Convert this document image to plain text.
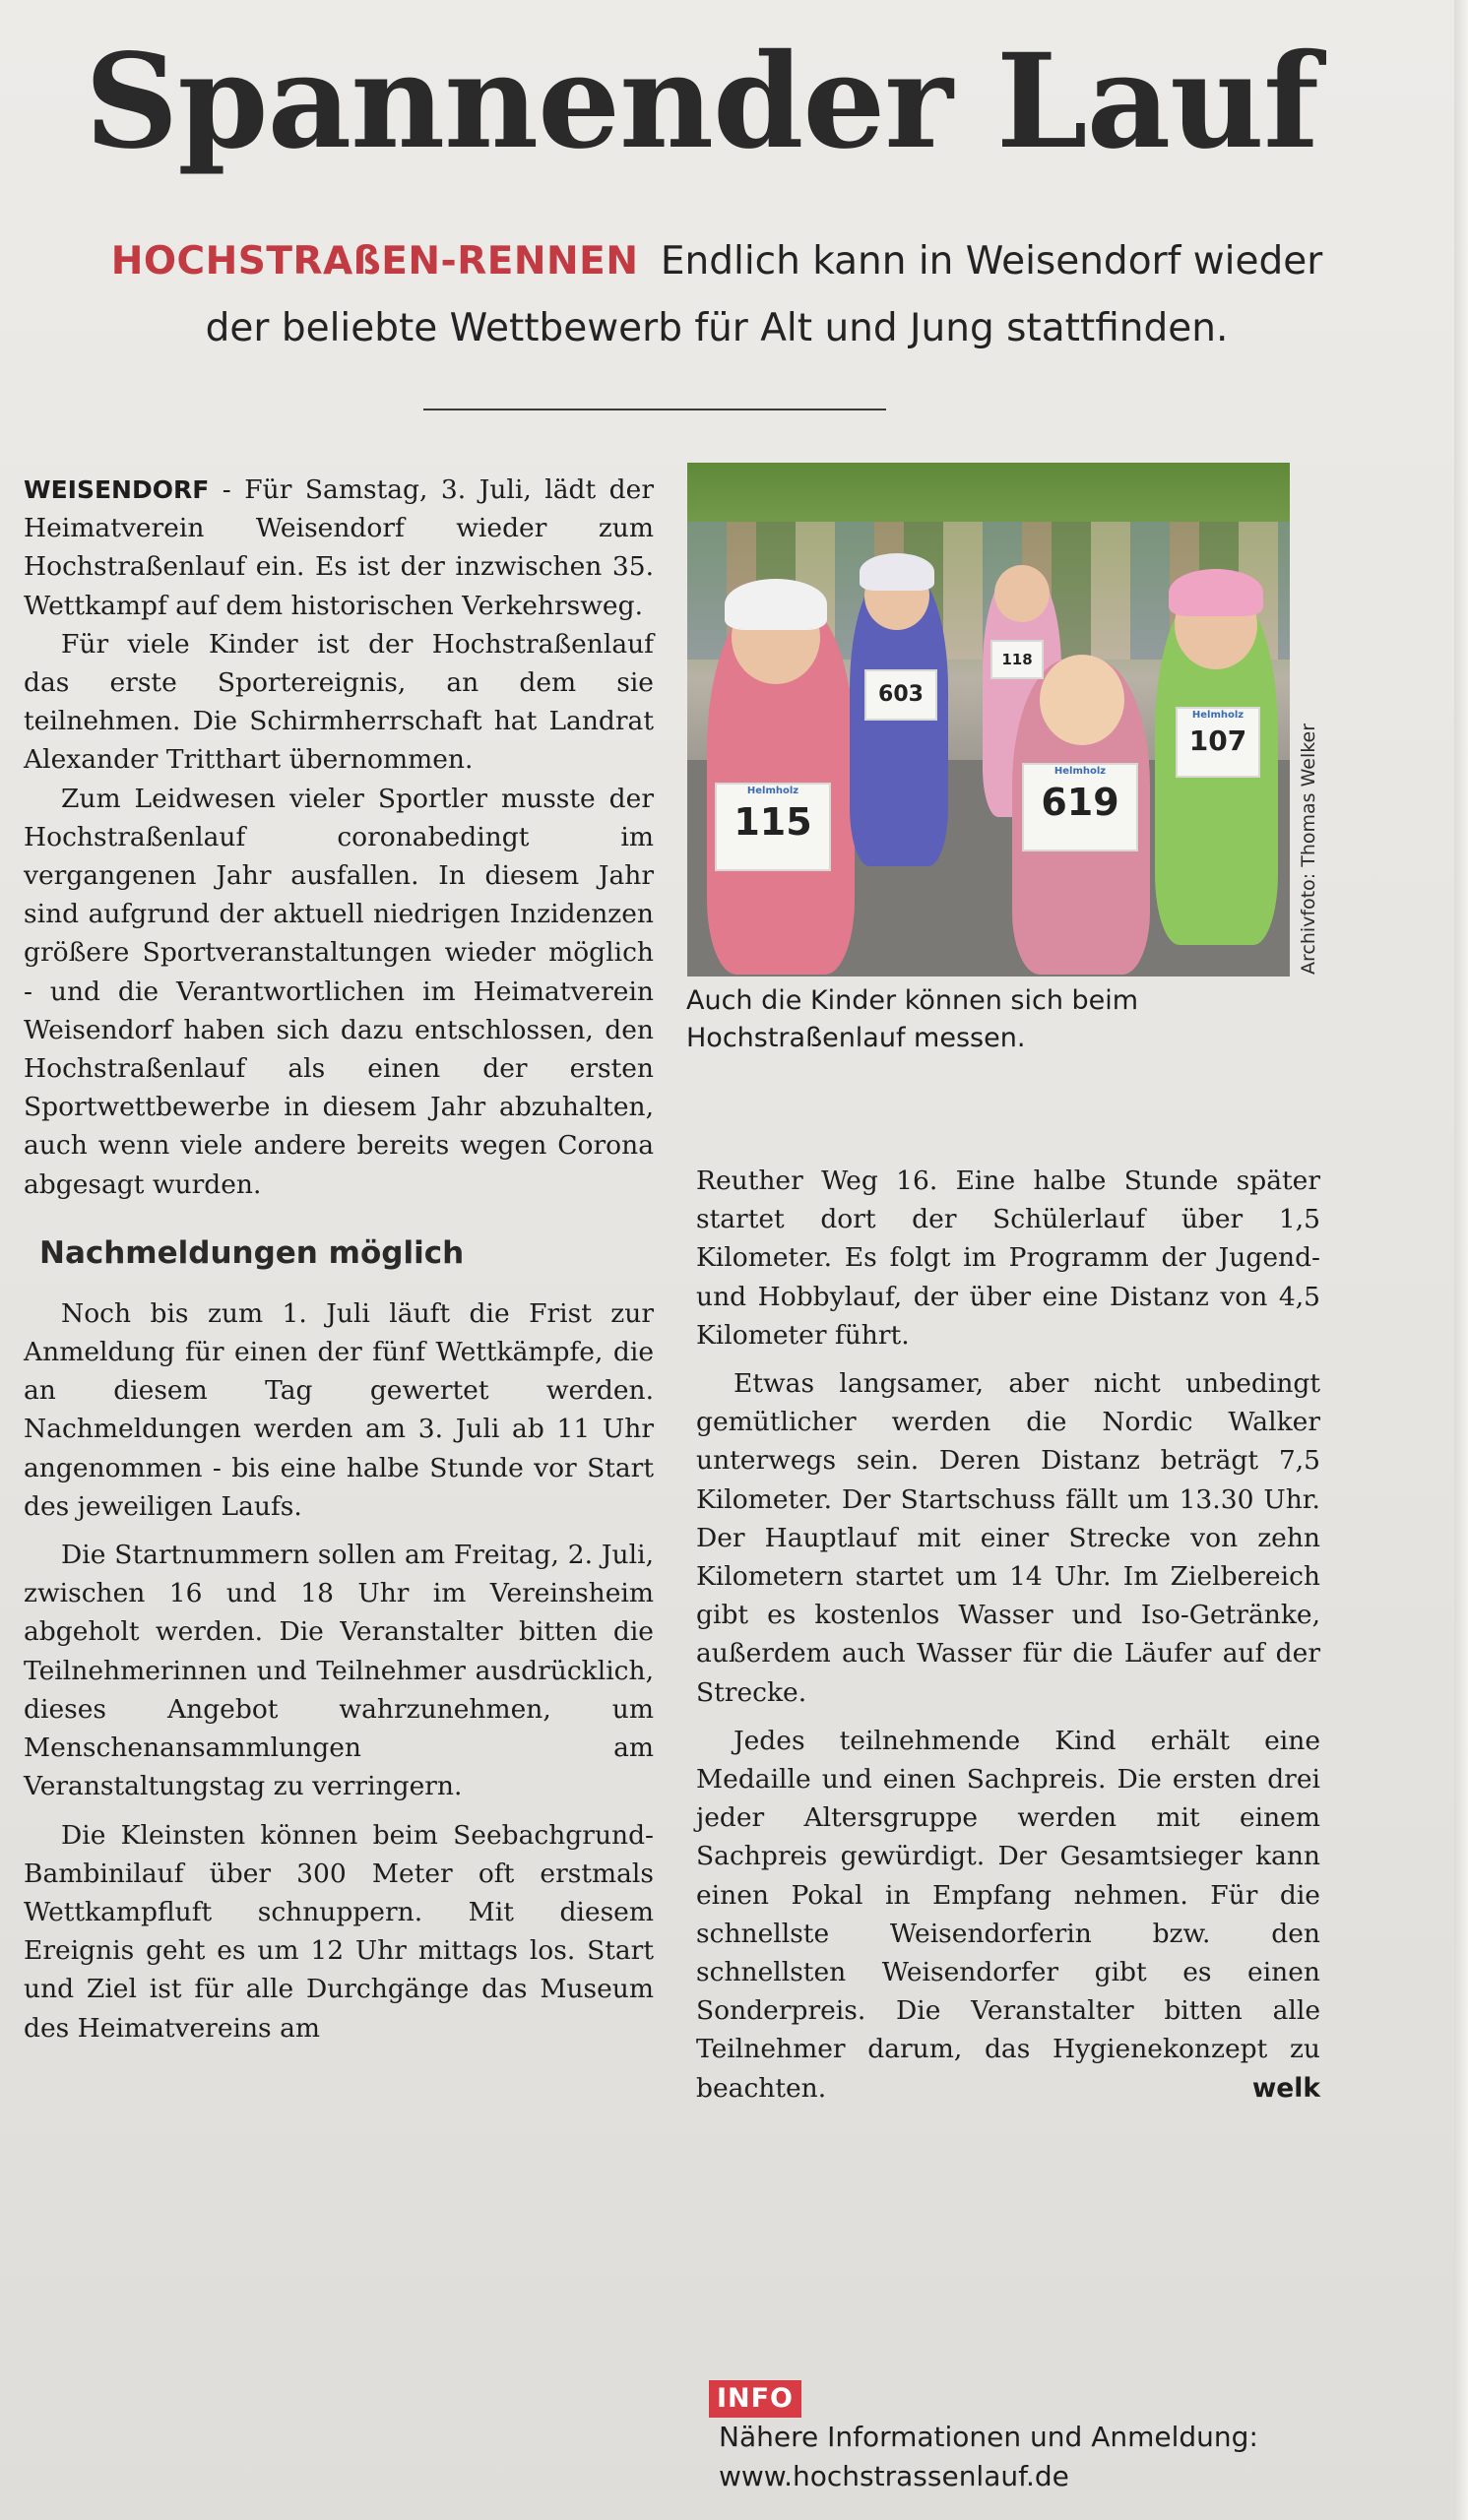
Spannender Lauf
HOCHSTRAßEN-RENNEN Endlich kann in Weisendorf wieder
der beliebte Wettbewerb für Alt und Jung stattfinden.

WEISENDORF - Für Samstag, 3. Juli, lädt der Heimatverein Weisendorf wieder zum Hochstraßenlauf ein. Es ist der inzwischen 35. Wettkampf auf dem historischen Verkehrsweg.

Für viele Kinder ist der Hochstraßenlauf das erste Sportereignis, an dem sie teilnehmen. Die Schirmherrschaft hat Landrat Alexander Tritthart übernommen.

Zum Leidwesen vieler Sportler musste der Hochstraßenlauf coronabedingt im vergangenen Jahr ausfallen. In diesem Jahr sind aufgrund der aktuell niedrigen Inzidenzen größere Sportveranstaltungen wieder möglich - und die Verantwortlichen im Heimatverein Weisendorf haben sich dazu entschlossen, den Hochstraßenlauf als einen der ersten Sportwettbewerbe in diesem Jahr abzuhalten, auch wenn viele andere bereits wegen Corona abgesagt wurden.

Nachmeldungen möglich

Noch bis zum 1. Juli läuft die Frist zur Anmeldung für einen der fünf Wettkämpfe, die an diesem Tag gewertet werden. Nachmeldungen werden am 3. Juli ab 11 Uhr angenommen - bis eine halbe Stunde vor Start des jeweiligen Laufs.

Die Startnummern sollen am Freitag, 2. Juli, zwischen 16 und 18 Uhr im Vereinsheim abgeholt werden. Die Veranstalter bitten die Teilnehmerinnen und Teilnehmer ausdrücklich, dieses Angebot wahrzunehmen, um Menschenansammlungen am Veranstaltungstag zu verringern.

Die Kleinsten können beim Seebachgrund-Bambinilauf über 300 Meter oft erstmals Wettkampfluft schnuppern. Mit diesem Ereignis geht es um 12 Uhr mittags los. Start und Ziel ist für alle Durchgänge das Museum des Heimatvereins am

Helmholz
115
603
118
Helmholz
619
Helmholz
107	Archivfoto: Thomas Welker
Auch die Kinder können sich beim Hochstraßenlauf messen.

Reuther Weg 16. Eine halbe Stunde später startet dort der Schülerlauf über 1,5 Kilometer. Es folgt im Programm der Jugend- und Hobbylauf, der über eine Distanz von 4,5 Kilometer führt.

Etwas langsamer, aber nicht unbedingt gemütlicher werden die Nordic Walker unterwegs sein. Deren Distanz beträgt 7,5 Kilometer. Der Startschuss fällt um 13.30 Uhr. Der Hauptlauf mit einer Strecke von zehn Kilometern startet um 14 Uhr. Im Zielbereich gibt es kostenlos Wasser und Iso-Getränke, außerdem auch Wasser für die Läufer auf der Strecke.

Jedes teilnehmende Kind erhält eine Medaille und einen Sachpreis. Die ersten drei jeder Altersgruppe werden mit einem Sachpreis gewürdigt. Der Gesamtsieger kann einen Pokal in Empfang nehmen. Für die schnellste Weisendorferin bzw. den schnellsten Weisendorfer gibt es einen Sonderpreis. Die Veranstalter bitten alle Teilnehmer darum, das Hygienekonzept zu beachten.	welk

INFO
Nähere Informationen und Anmeldung:
www.hochstrassenlauf.de
